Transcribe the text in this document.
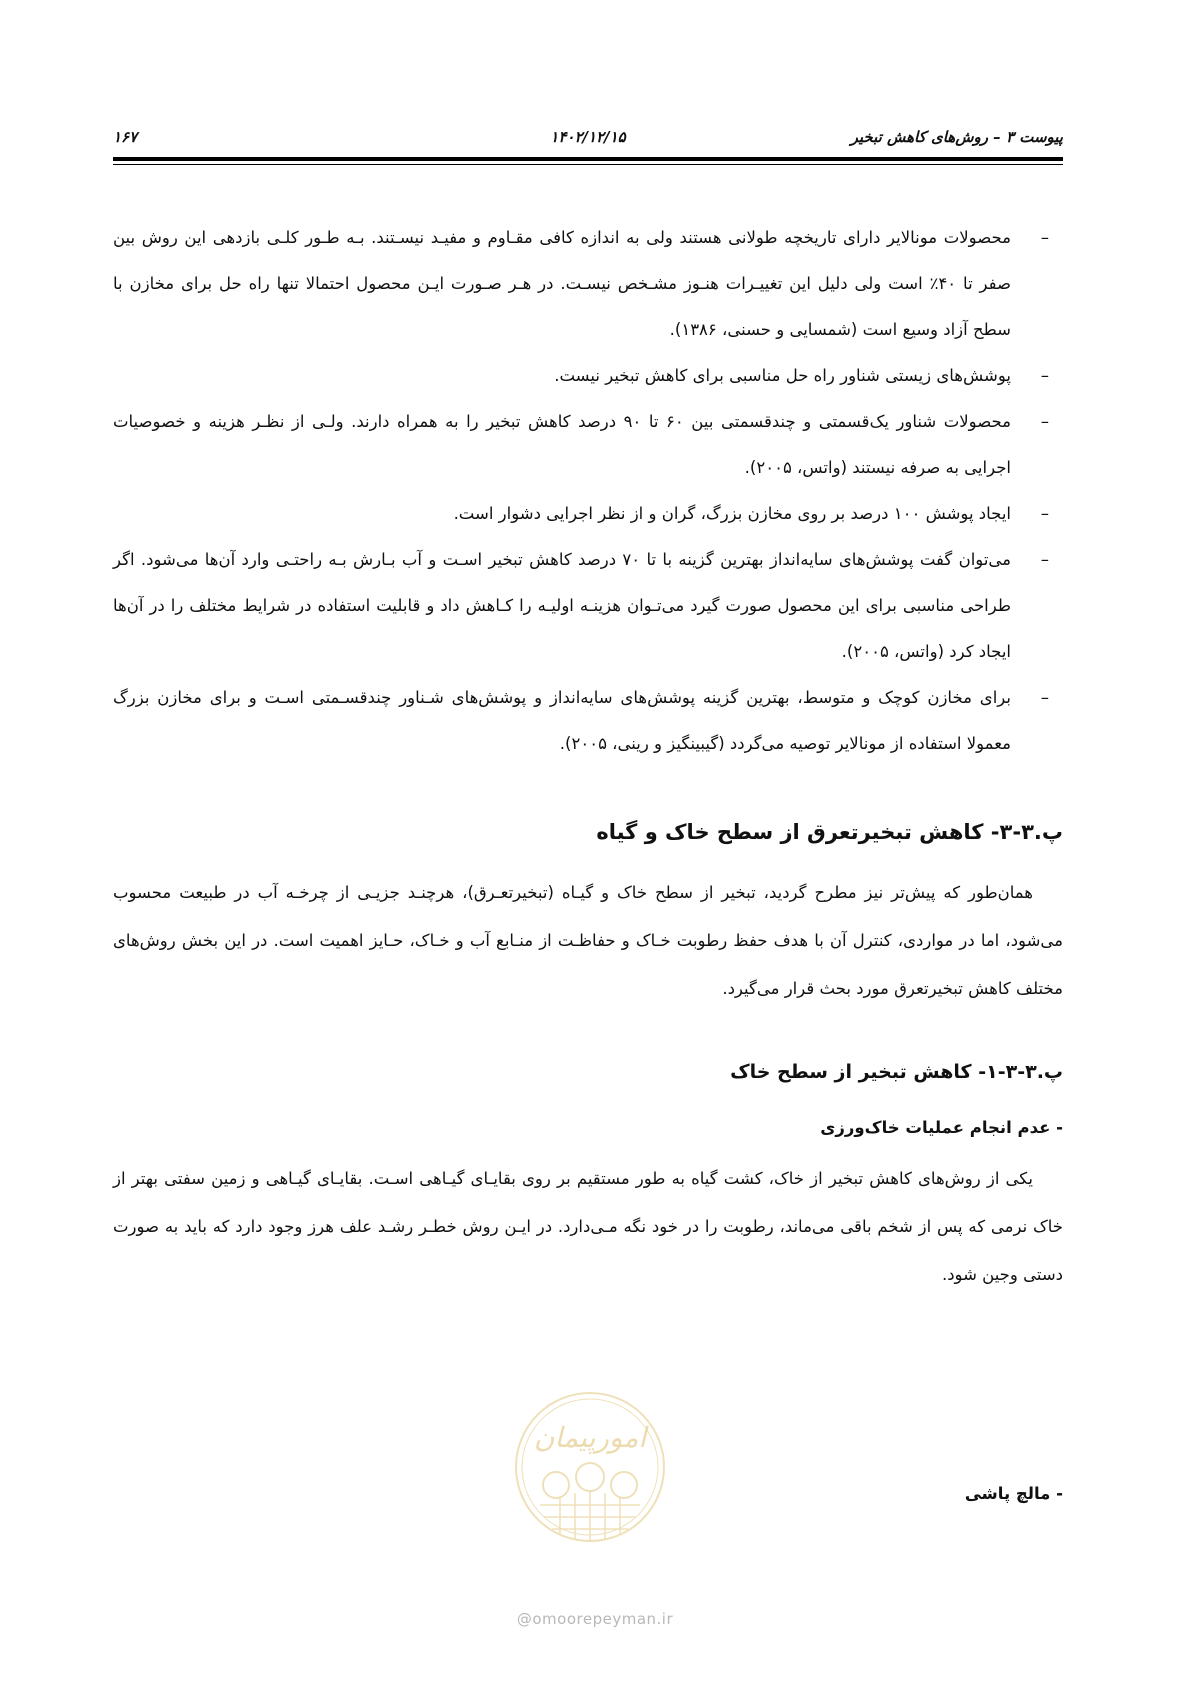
پیوست ۳ – روش‌های کاهش تبخیر
۱۴۰۲/۱۲/۱۵
۱۶۷
–
محصولات مونالایر دارای تاریخچه طولانی هستند ولی به اندازه کافی مقـاوم و مفیـد نیسـتند. بـه طـور کلـی بازدهی این روش بین صفر تا ۴۰٪ است ولی دلیل این تغییـرات هنـوز مشـخص نیسـت. در هـر صـورت ایـن محصول احتمالا تنها راه حل برای مخازن با سطح آزاد وسیع است (شمسایی و حسنی، ۱۳۸۶).
–
پوشش‌های زیستی شناور راه حل مناسبی برای کاهش تبخیر نیست.
–
محصولات شناور یک‌قسمتی و چندقسمتی بین ۶۰ تا ۹۰ درصد کاهش تبخیر را به همراه دارند. ولـی از نظـر هزینه و خصوصیات اجرایی به صرفه نیستند (واتس، ۲۰۰۵).
–
ایجاد پوشش ۱۰۰ درصد بر روی مخازن بزرگ، گران و از نظر اجرایی دشوار است.
–
می‌توان گفت پوشش‌های سایه‌انداز بهترین گزینه با تا ۷۰ درصد کاهش تبخیر اسـت و آب بـارش بـه راحتـی وارد آن‌ها می‌شود. اگر طراحی مناسبی برای این محصول صورت گیرد می‌تـوان هزینـه اولیـه را کـاهش داد و قابلیت استفاده در شرایط مختلف را در آن‌ها ایجاد کرد (واتس، ۲۰۰۵).
–
برای مخازن کوچک و متوسط، بهترین گزینه پوشش‌های سایه‌انداز و پوشش‌های شـناور چندقسـمتی اسـت و برای مخازن بزرگ معمولا استفاده از مونالایر توصیه می‌گردد (گیبینگیز و رینی، ۲۰۰۵).
پ.۳-۳- کاهش تبخیرتعرق از سطح خاک و گیاه

همان‌طور که پیش‌تر نیز مطرح گردید، تبخیر از سطح خاک و گیـاه (تبخیرتعـرق)، هرچنـد جزیـی از چرخـه آب در طبیعت محسوب می‌شود، اما در مواردی، کنترل آن با هدف حفظ رطوبت خـاک و حفاظـت از منـابع آب و خـاک، حـایز اهمیت است. در این بخش روش‌های مختلف کاهش تبخیرتعرق مورد بحث قرار می‌گیرد.

پ.۳-۳-۱- کاهش تبخیر از سطح خاک
- عدم انجام عملیات خاک‌ورزی

یکی از روش‌های کاهش تبخیر از خاک، کشت گیاه به طور مستقیم بر روی بقایـای گیـاهی اسـت. بقایـای گیـاهی و زمین سفتی بهتر از خاک نرمی که پس از شخم باقی می‌ماند، رطوبت را در خود نگه مـی‌دارد. در ایـن روش خطـر رشـد علف هرز وجود دارد که باید به صورت دستی وجین شود.

- مالچ پاشی
امورپیمان
@omoorepeyman.ir
